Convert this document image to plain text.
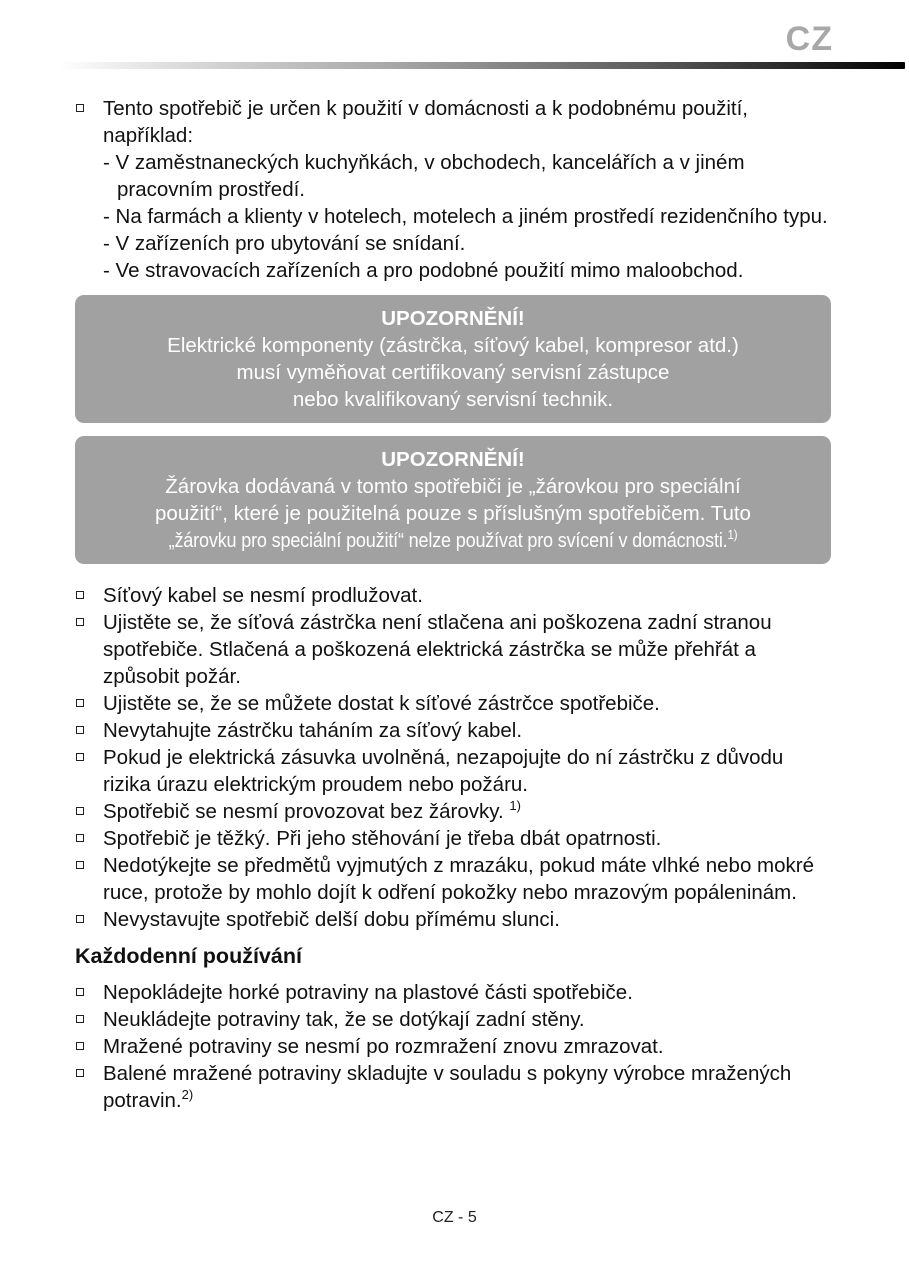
CZ
Tento spotřebič je určen k použití v domácnosti a k podobnému použití, například:
- V zaměstnaneckých kuchyňkách, v obchodech, kancelářích a v jiném pracovním prostředí.
- Na farmách a klienty v hotelech, motelech a jiném prostředí rezidenčního typu.
- V zařízeních pro ubytování se snídaní.
- Ve stravovacích zařízeních a pro podobné použití mimo maloobchod.
UPOZORNĚNÍ!
Elektrické komponenty (zástrčka, síťový kabel, kompresor atd.)
musí vyměňovat certifikovaný servisní zástupce
nebo kvalifikovaný servisní technik.
UPOZORNĚNÍ!
Žárovka dodávaná v tomto spotřebiči je „žárovkou pro speciální
použití“, které je použitelná pouze s příslušným spotřebičem. Tuto
„žárovku pro speciální použití“ nelze používat pro svícení v domácnosti.$^{1)}$
Síťový kabel se nesmí prodlužovat.
Ujistěte se, že síťová zástrčka není stlačena ani poškozena zadní stranou spotřebiče. Stlačená a poškozená elektrická zástrčka se může přehřát a způsobit požár.
Ujistěte se, že se můžete dostat k síťové zástrčce spotřebiče.
Nevytahujte zástrčku taháním za síťový kabel.
Pokud je elektrická zásuvka uvolněná, nezapojujte do ní zástrčku z důvodu rizika úrazu elektrickým proudem nebo požáru.
Spotřebič se nesmí provozovat bez žárovky. $^{1)}$
Spotřebič je těžký. Při jeho stěhování je třeba dbát opatrnosti.
Nedotýkejte se předmětů vyjmutých z mrazáku, pokud máte vlhké nebo mokré ruce, protože by mohlo dojít k odření pokožky nebo mrazovým popáleninám.
Nevystavujte spotřebič delší dobu přímému slunci.
Každodenní používání
Nepokládejte horké potraviny na plastové části spotřebiče.
Neukládejte potraviny tak, že se dotýkají zadní stěny.
Mražené potraviny se nesmí po rozmražení znovu zmrazovat.
Balené mražené potraviny skladujte v souladu s pokyny výrobce mražených potravin.$^{2)}$
CZ - 5
